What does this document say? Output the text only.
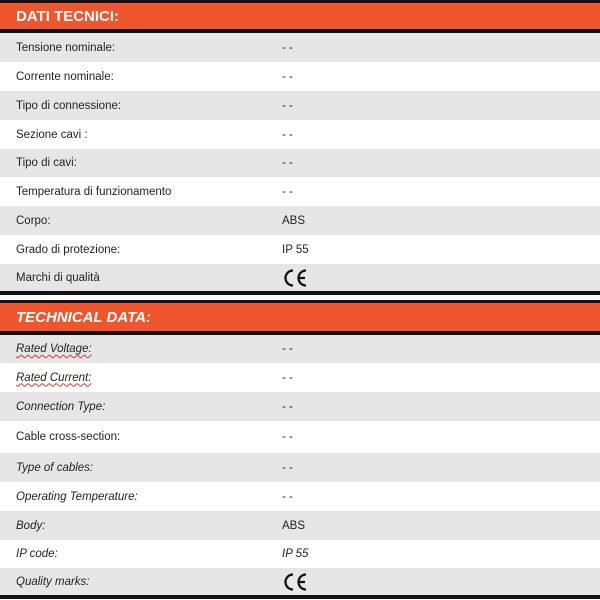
DATI TECNICI:
Tensione nominale:	- -
Corrente nominale:	- -
Tipo di connessione:	- -
Sezione cavi :	- -
Tipo di cavi:	- -
Temperatura di funzionamento	- -
Corpo:	ABS
Grado di protezione:	IP 55
Marchi di qualità
TECHNICAL DATA:
Rated Voltage:	- -
Rated Current:	- -
Connection Type:	- -
Cable cross-section:	- -
Type of cables:	- -
Operating Temperature:	- -
Body:	ABS
IP code:	IP 55
Quality marks:
